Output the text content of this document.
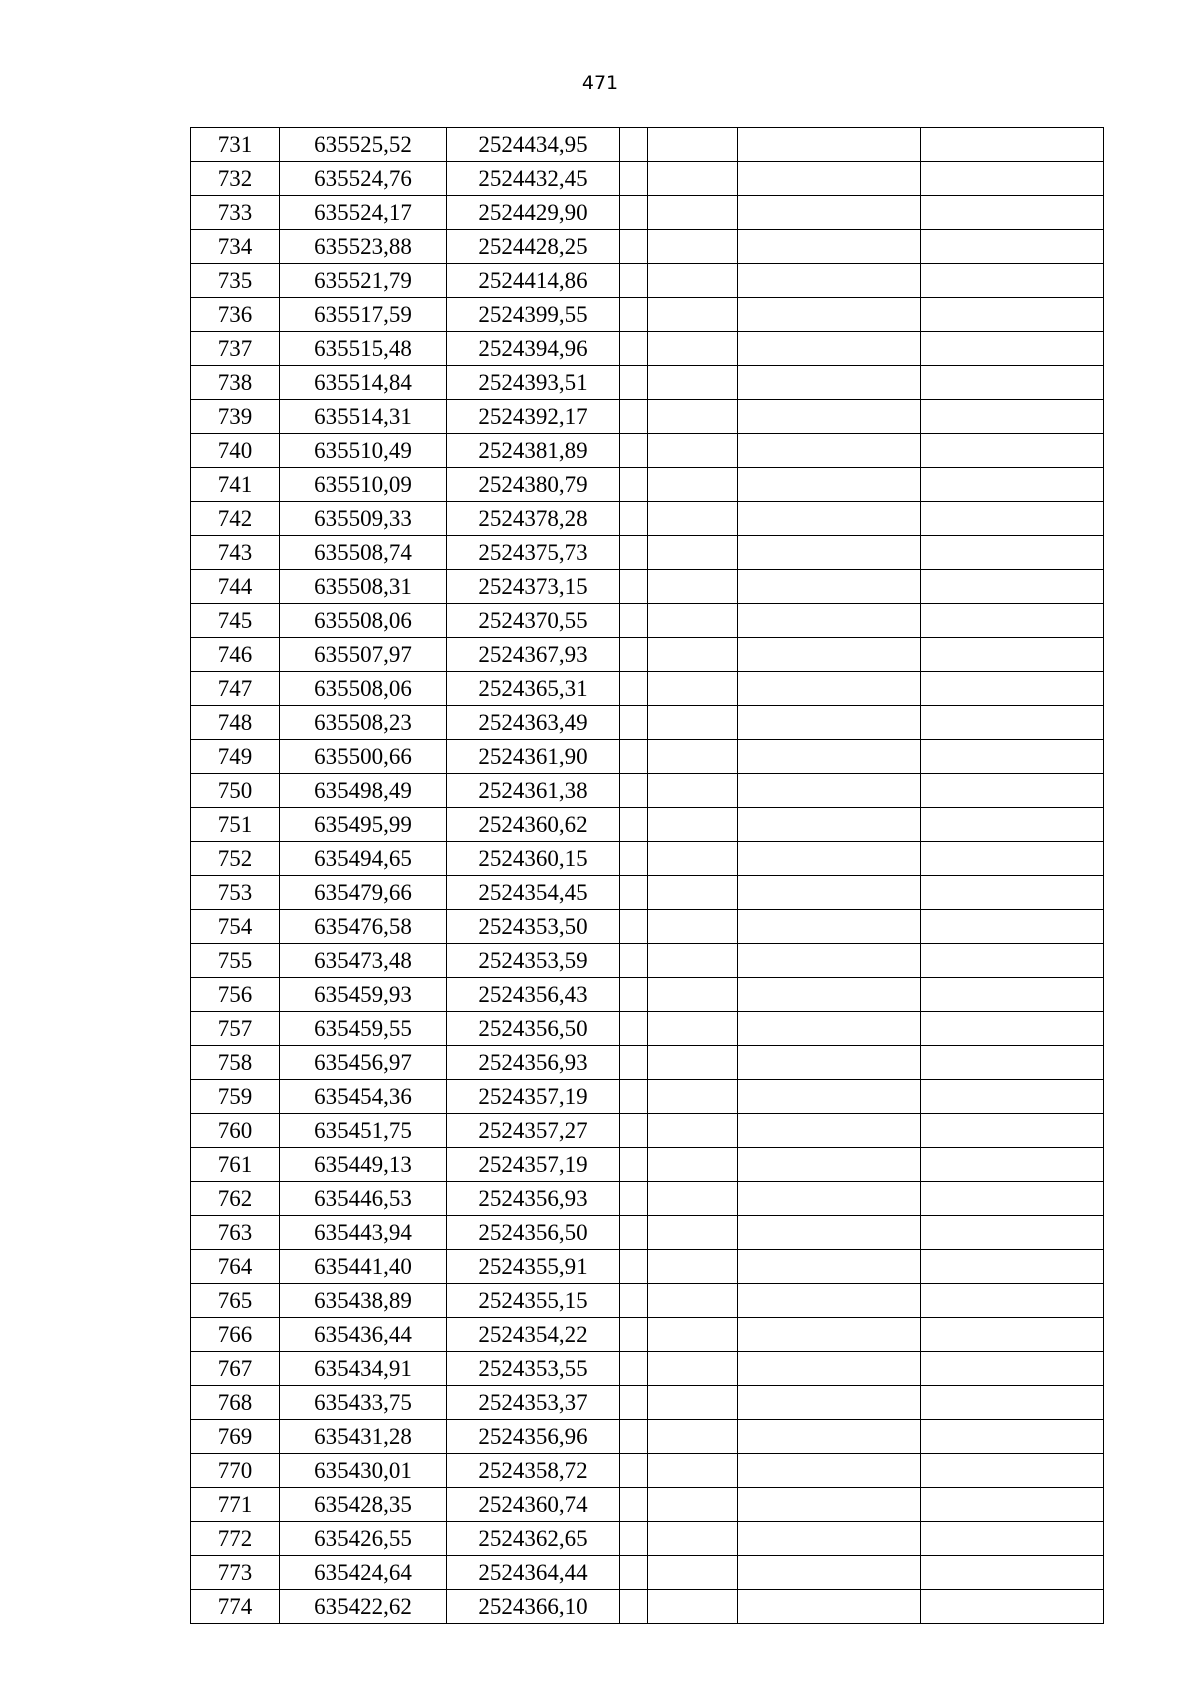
471
731	635525,52	2524434,95				
732	635524,76	2524432,45				
733	635524,17	2524429,90				
734	635523,88	2524428,25				
735	635521,79	2524414,86				
736	635517,59	2524399,55				
737	635515,48	2524394,96				
738	635514,84	2524393,51				
739	635514,31	2524392,17				
740	635510,49	2524381,89				
741	635510,09	2524380,79				
742	635509,33	2524378,28				
743	635508,74	2524375,73				
744	635508,31	2524373,15				
745	635508,06	2524370,55				
746	635507,97	2524367,93				
747	635508,06	2524365,31				
748	635508,23	2524363,49				
749	635500,66	2524361,90				
750	635498,49	2524361,38				
751	635495,99	2524360,62				
752	635494,65	2524360,15				
753	635479,66	2524354,45				
754	635476,58	2524353,50				
755	635473,48	2524353,59				
756	635459,93	2524356,43				
757	635459,55	2524356,50				
758	635456,97	2524356,93				
759	635454,36	2524357,19				
760	635451,75	2524357,27				
761	635449,13	2524357,19				
762	635446,53	2524356,93				
763	635443,94	2524356,50				
764	635441,40	2524355,91				
765	635438,89	2524355,15				
766	635436,44	2524354,22				
767	635434,91	2524353,55				
768	635433,75	2524353,37				
769	635431,28	2524356,96				
770	635430,01	2524358,72				
771	635428,35	2524360,74				
772	635426,55	2524362,65				
773	635424,64	2524364,44				
774	635422,62	2524366,10				
